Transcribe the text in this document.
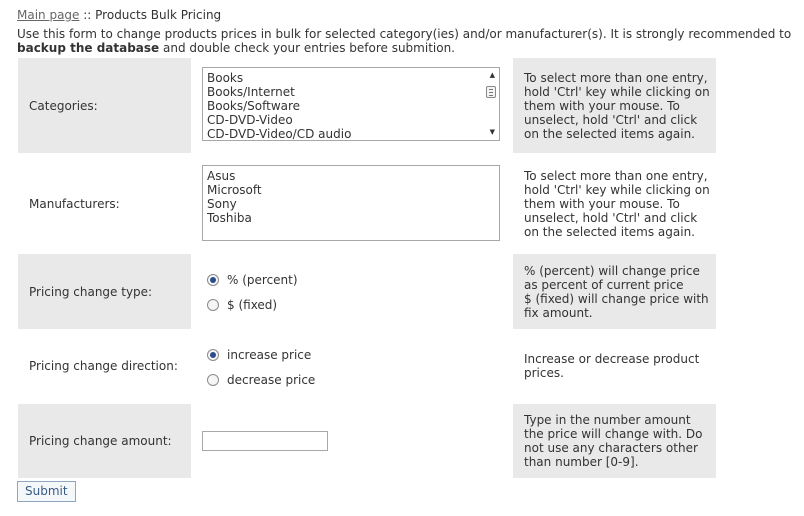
Main page :: Products Bulk Pricing
Use this form to change products prices in bulk for selected category(ies) and/or manufacturer(s). It is strongly recommended to backup the database and double check your entries before submition.
Categories:
Books
Books/Internet
Books/Software
CD-DVD-Video
CD-DVD-Video/CD audio
▲
▼
To select more than one entry, hold 'Ctrl' key while clicking on them with your mouse. To unselect, hold 'Ctrl' and click on the selected items again.
Manufacturers:
Asus
Microsoft
Sony
Toshiba
To select more than one entry, hold 'Ctrl' key while clicking on them with your mouse. To unselect, hold 'Ctrl' and click on the selected items again.
Pricing change type:
% (percent)
$ (fixed)
% (percent) will change price as percent of current price
$ (fixed) will change price with fix amount.
Pricing change direction:
increase price
decrease price
Increase or decrease product prices.
Pricing change amount:
Type in the number amount the price will change with. Do not use any characters other than number [0-9].
Submit
